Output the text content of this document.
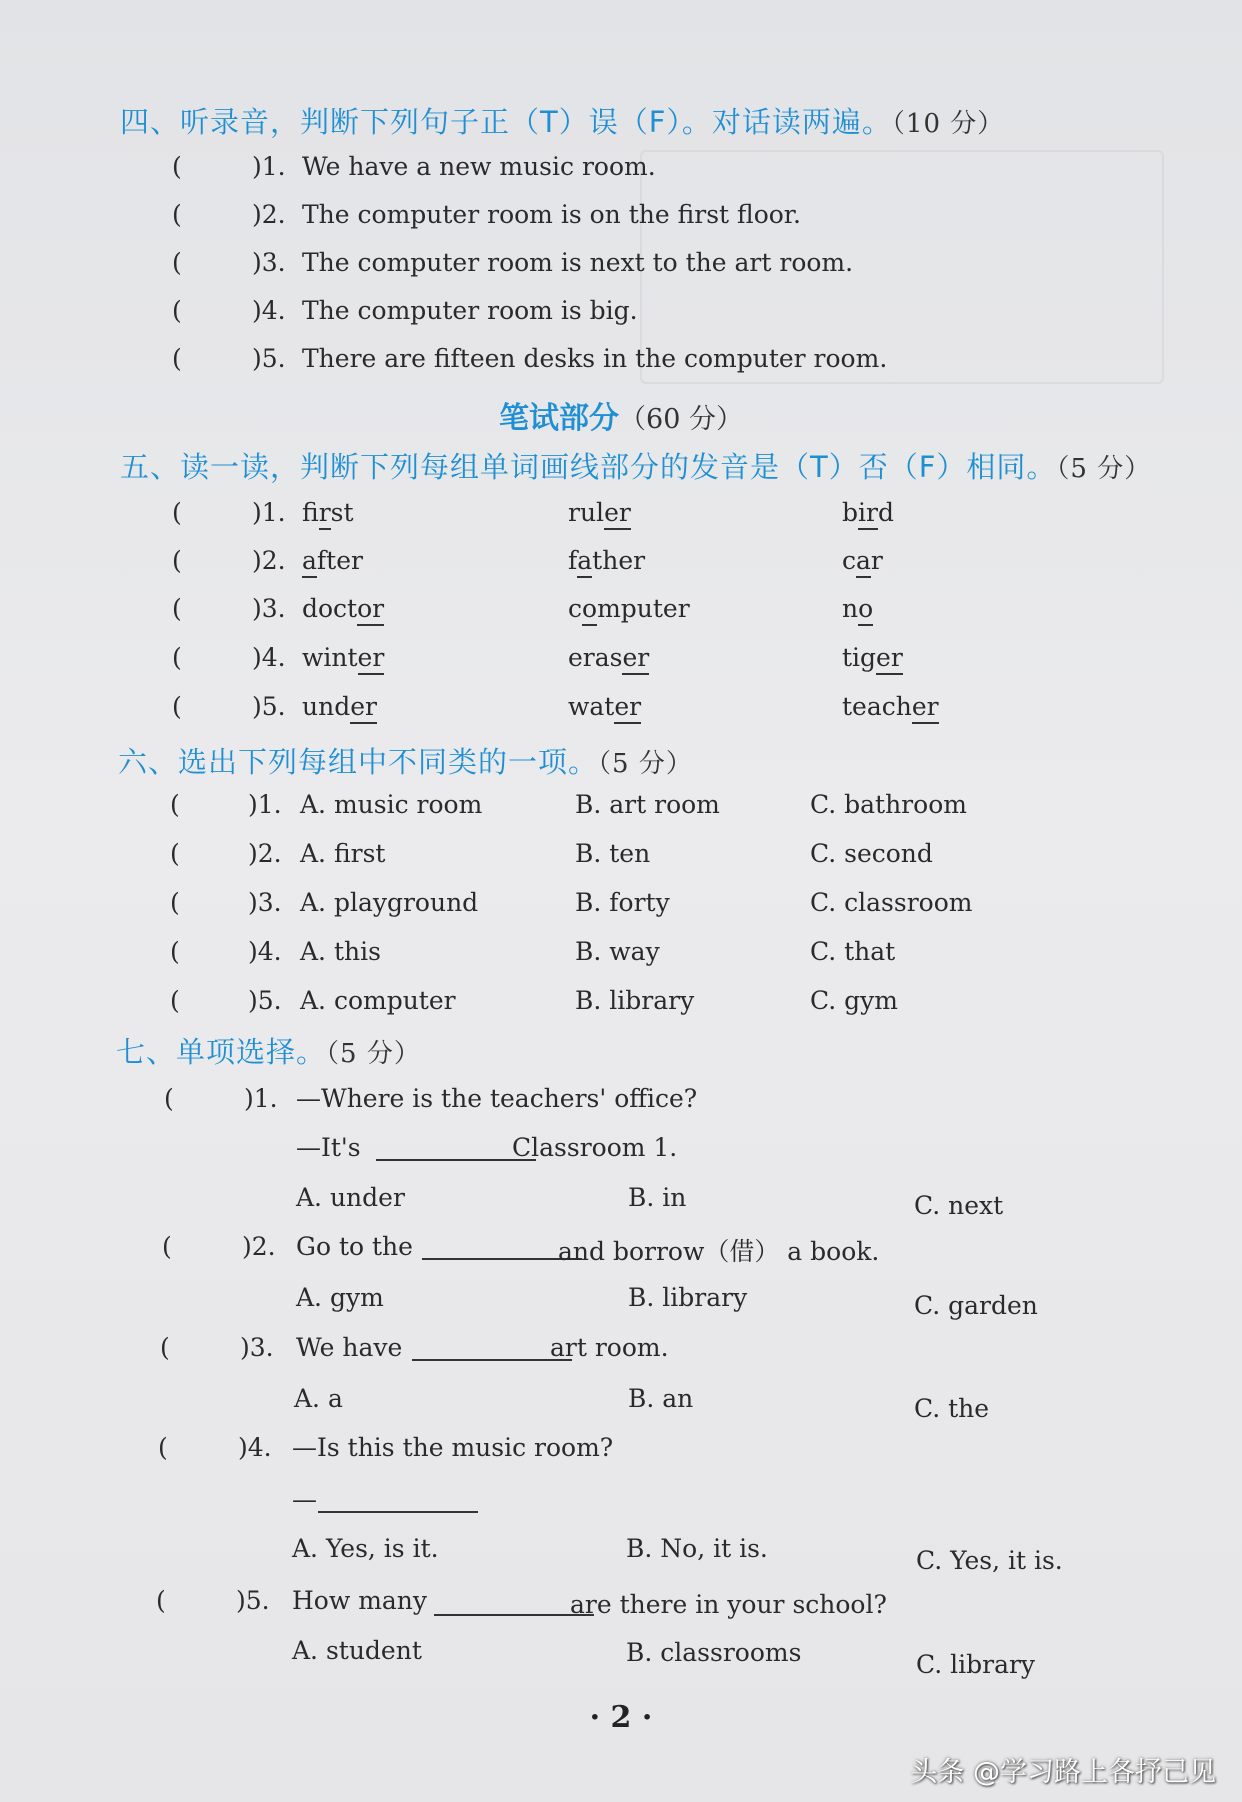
四、听录音，判断下列句子正（T）误（F）。对话读两遍。（10 分）
(	)1. We have a new music room.
(	)2. The computer room is on the first floor.
(	)3. The computer room is next to the art room.
(	)4. The computer room is big.
(	)5. There are fifteen desks in the computer room.
笔试部分（60 分）
五、读一读，判断下列每组单词画线部分的发音是（T）否（F）相同。（5 分）
(	)1. first	ruler	bird
(	)2. after	father	car
(	)3. doctor	computer	no
(	)4. winter	eraser	tiger
(	)5. under	water	teacher
六、选出下列每组中不同类的一项。（5 分）
(	)1. A. music room	B. art room	C. bathroom
(	)2. A. first	B. ten	C. second
(	)3. A. playground	B. forty	C. classroom
(	)4. A. this	B. way	C. that
(	)5. A. computer	B. library	C. gym
七、单项选择。（5 分）
(	)1. —Where is the teachers' office?
—It's	Classroom 1.
A. under	B. in	C. next
(	)2. Go to the	and borrow（借） a book.
A. gym	B. library	C. garden
(	)3. We have	art room.
A. a	B. an	C. the
(	)4. —Is this the music room?
—
A. Yes, is it.	B. No, it is.	C. Yes, it is.
(	)5. How many	are there in your school?
A. student	B. classrooms	C. library
· 2 ·
头条 @学习路上各抒己见
